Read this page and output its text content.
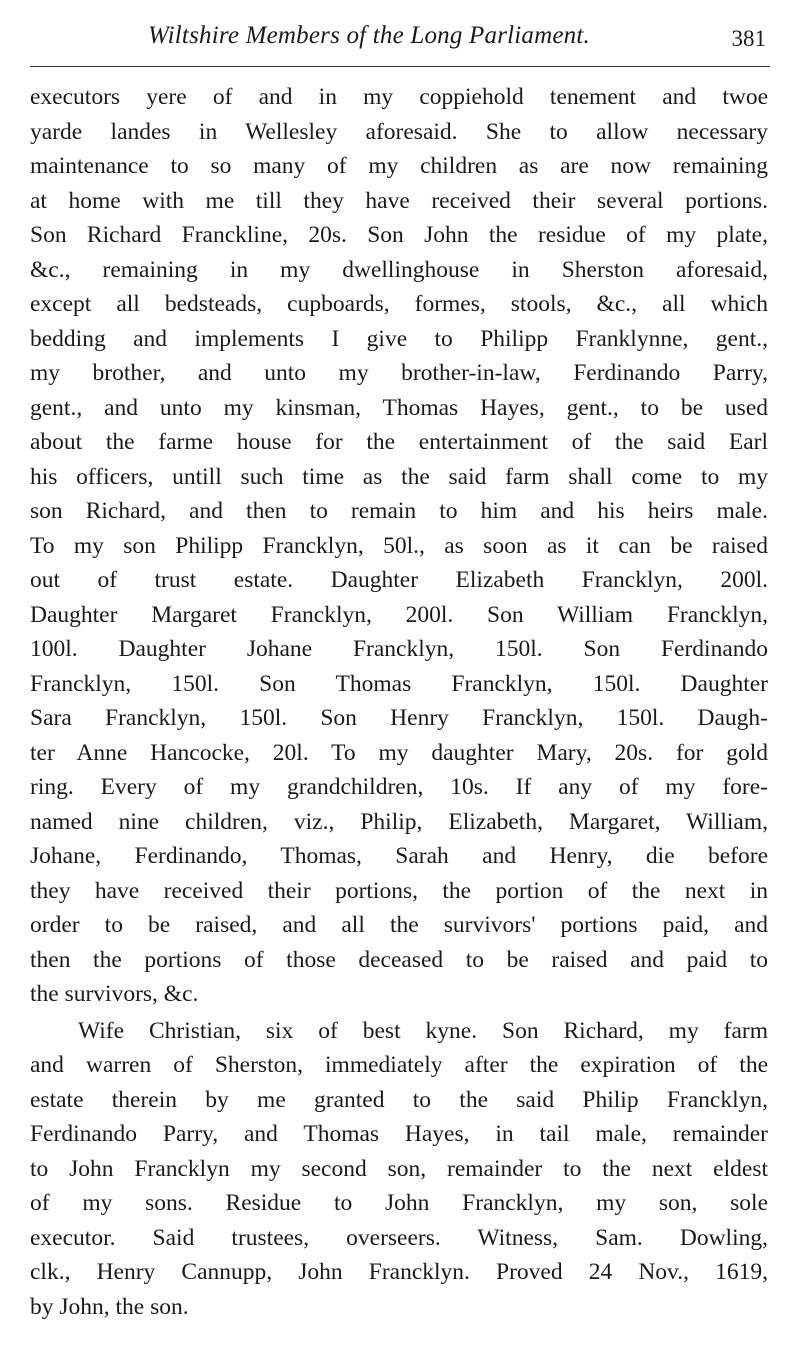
Wiltshire Members of the Long Parliament.	381
executors yere of and in my coppiehold tenement and twoe
yarde landes in Wellesley aforesaid. She to allow necessary
maintenance to so many of my children as are now remaining
at home with me till they have received their several portions.
Son Richard Franckline, 20s. Son John the residue of my plate,
&c., remaining in my dwellinghouse in Sherston aforesaid,
except all bedsteads, cupboards, formes, stools, &c., all which
bedding and implements I give to Philipp Franklynne, gent.,
my brother, and unto my brother-in-law, Ferdinando Parry,
gent., and unto my kinsman, Thomas Hayes, gent., to be used
about the farme house for the entertainment of the said Earl
his officers, untill such time as the said farm shall come to my
son Richard, and then to remain to him and his heirs male.
To my son Philipp Francklyn, 50l., as soon as it can be raised
out of trust estate. Daughter Elizabeth Francklyn, 200l.
Daughter Margaret Francklyn, 200l. Son William Francklyn,
100l. Daughter Johane Francklyn, 150l. Son Ferdinando
Francklyn, 150l. Son Thomas Francklyn, 150l. Daughter
Sara Francklyn, 150l. Son Henry Francklyn, 150l. Daugh-
ter Anne Hancocke, 20l. To my daughter Mary, 20s. for gold
ring. Every of my grandchildren, 10s. If any of my fore-
named nine children, viz., Philip, Elizabeth, Margaret, William,
Johane, Ferdinando, Thomas, Sarah and Henry, die before
they have received their portions, the portion of the next in
order to be raised, and all the survivors' portions paid, and
then the portions of those deceased to be raised and paid to
the survivors, &c.
Wife Christian, six of best kyne. Son Richard, my farm
and warren of Sherston, immediately after the expiration of the
estate therein by me granted to the said Philip Francklyn,
Ferdinando Parry, and Thomas Hayes, in tail male, remainder
to John Francklyn my second son, remainder to the next eldest
of my sons. Residue to John Francklyn, my son, sole
executor. Said trustees, overseers. Witness, Sam. Dowling,
clk., Henry Cannupp, John Francklyn. Proved 24 Nov., 1619,
by John, the son.
